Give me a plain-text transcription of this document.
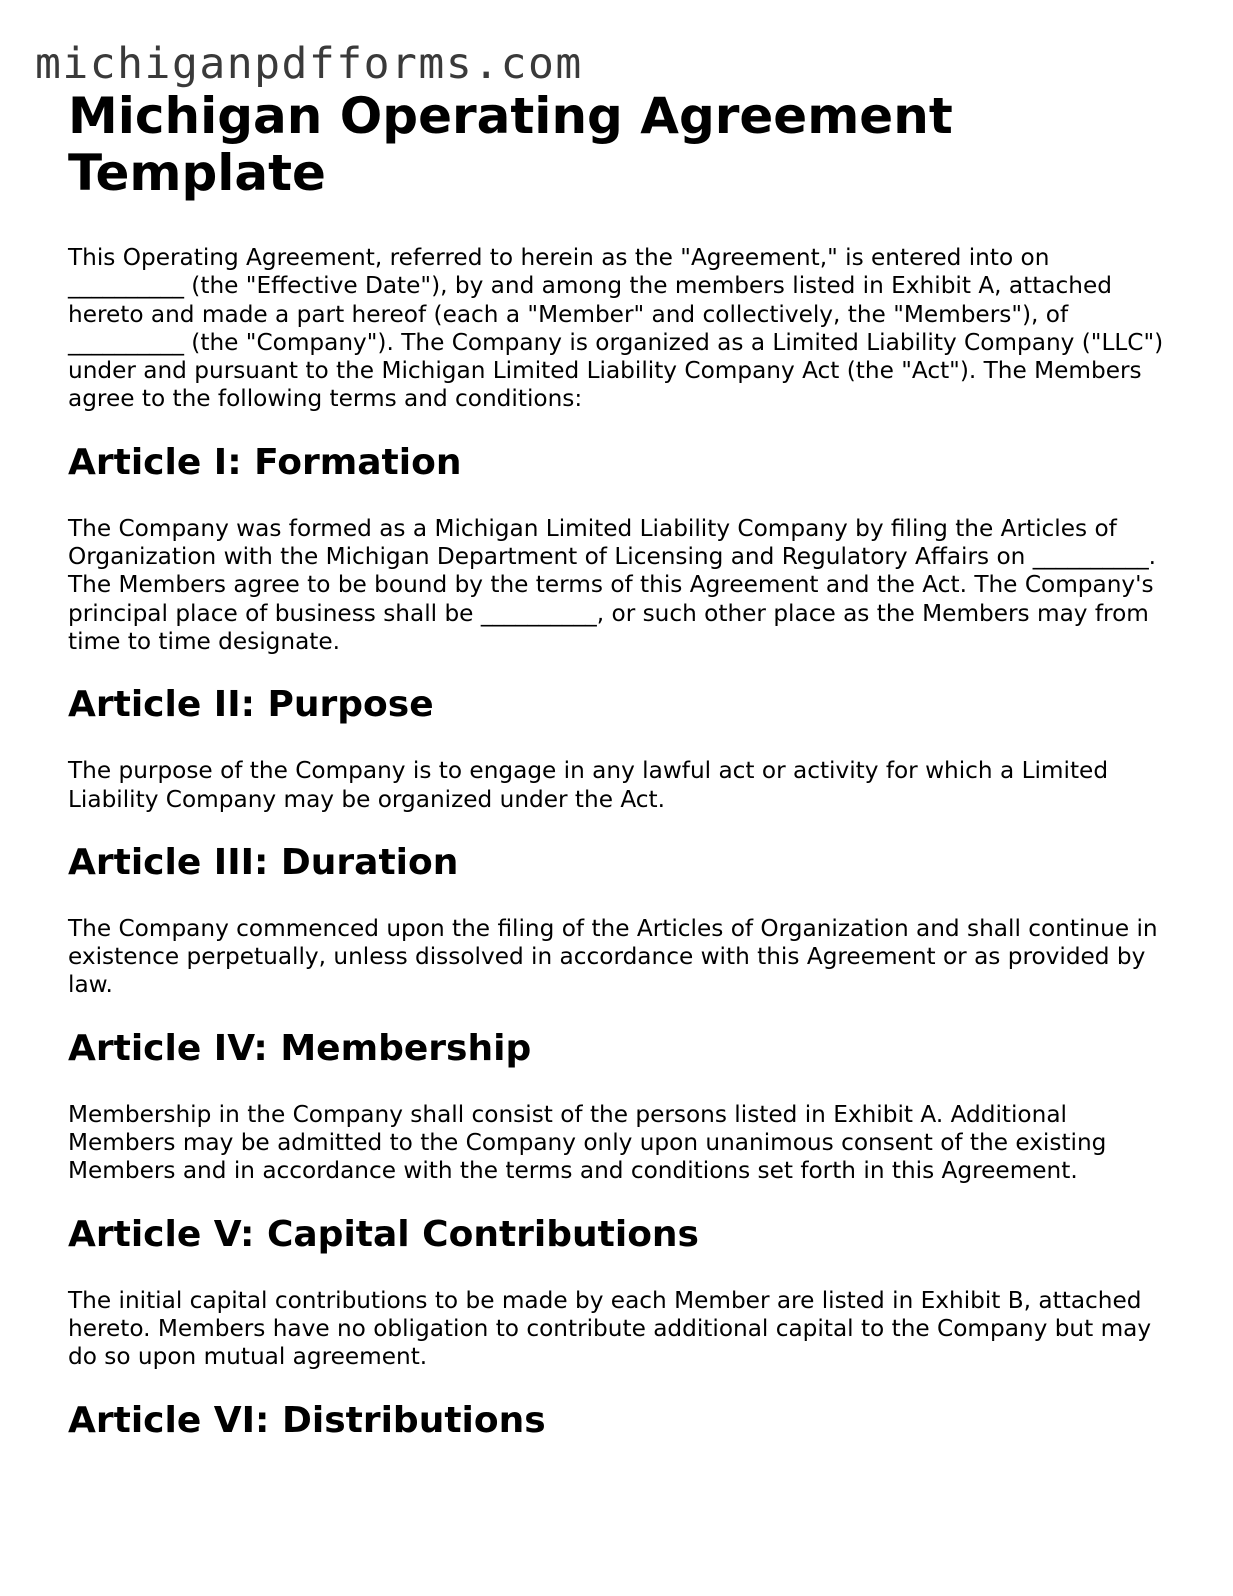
michiganpdfforms.com
Michigan Operating Agreement Template

This Operating Agreement, referred to herein as the "Agreement," is entered into on __________ (the "Effective Date"), by and among the members listed in Exhibit A, attached hereto and made a part hereof (each a "Member" and collectively, the "Members"), of __________ (the "Company"). The Company is organized as a Limited Liability Company ("LLC") under and pursuant to the Michigan Limited Liability Company Act (the "Act"). The Members agree to the following terms and conditions:

Article I: Formation

The Company was formed as a Michigan Limited Liability Company by filing the Articles of Organization with the Michigan Department of Licensing and Regulatory Affairs on __________. The Members agree to be bound by the terms of this Agreement and the Act. The Company's principal place of business shall be __________, or such other place as the Members may from time to time designate.

Article II: Purpose

The purpose of the Company is to engage in any lawful act or activity for which a Limited Liability Company may be organized under the Act.

Article III: Duration

The Company commenced upon the filing of the Articles of Organization and shall continue in existence perpetually, unless dissolved in accordance with this Agreement or as provided by law.

Article IV: Membership

Membership in the Company shall consist of the persons listed in Exhibit A. Additional Members may be admitted to the Company only upon unanimous consent of the existing Members and in accordance with the terms and conditions set forth in this Agreement.

Article V: Capital Contributions

The initial capital contributions to be made by each Member are listed in Exhibit B, attached hereto. Members have no obligation to contribute additional capital to the Company but may do so upon mutual agreement.

Article VI: Distributions
